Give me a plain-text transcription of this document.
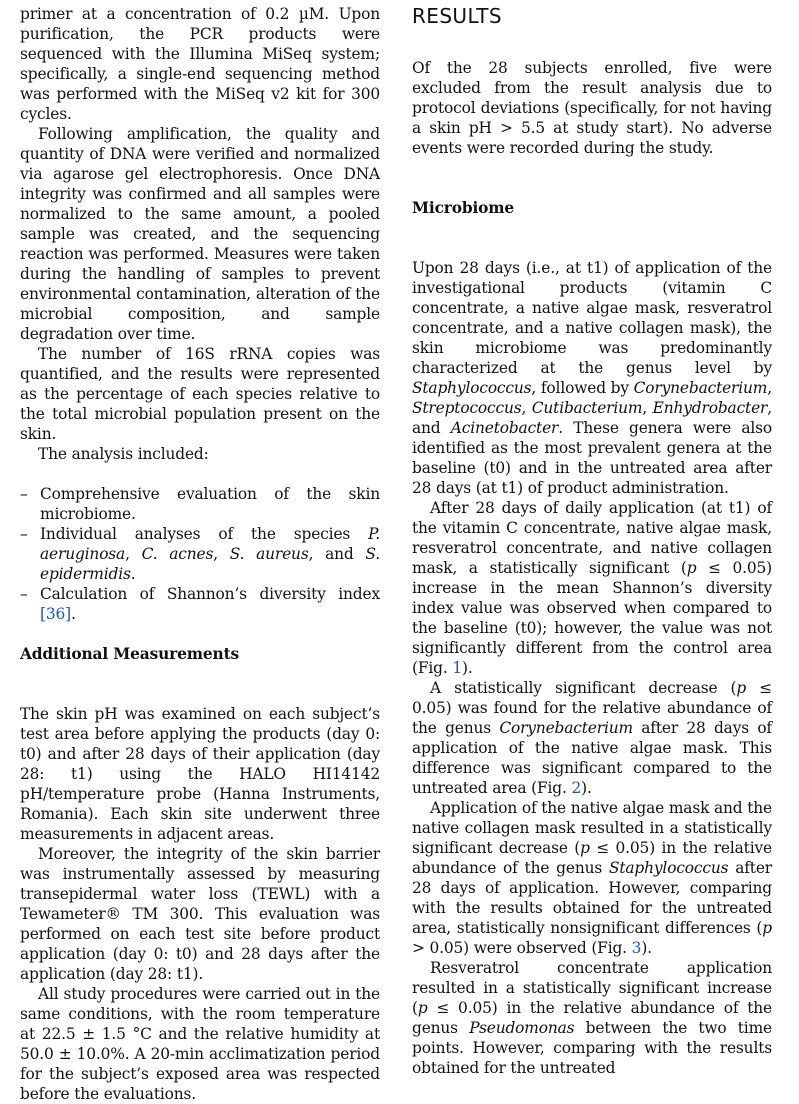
primer at a concentration of 0.2 µM. Upon purification, the PCR products were sequenced with the Illumina MiSeq system; specifically, a single-end sequencing method was performed with the MiSeq v2 kit for 300 cycles.

Following amplification, the quality and quantity of DNA were verified and normalized via agarose gel electrophoresis. Once DNA integrity was confirmed and all samples were normalized to the same amount, a pooled sample was created, and the sequencing reaction was performed. Measures were taken during the handling of samples to prevent environmental contamination, alteration of the microbial composition, and sample degradation over time.

The number of 16S rRNA copies was quantified, and the results were represented as the percentage of each species relative to the total microbial population present on the skin.

The analysis included:

– Comprehensive evaluation of the skin microbiome.
– Individual analyses of the species P. aeruginosa, C. acnes, S. aureus, and S. epidermidis.
– Calculation of Shannon’s diversity index [36].
Additional Measurements

The skin pH was examined on each subject’s test area before applying the products (day 0: t0) and after 28 days of their application (day 28: t1) using the HALO HI14142 pH/temperature probe (Hanna Instruments, Romania). Each skin site underwent three measurements in adjacent areas.

Moreover, the integrity of the skin barrier was instrumentally assessed by measuring transepidermal water loss (TEWL) with a Tewameter® TM 300. This evaluation was performed on each test site before product application (day 0: t0) and 28 days after the application (day 28: t1).

All study procedures were carried out in the same conditions, with the room temperature at 22.5 ± 1.5 °C and the relative humidity at 50.0 ± 10.0%. A 20-min acclimatization period for the subject’s exposed area was respected before the evaluations.

RESULTS

Of the 28 subjects enrolled, five were excluded from the result analysis due to protocol deviations (specifically, for not having a skin pH > 5.5 at study start). No adverse events were recorded during the study.

Microbiome

Upon 28 days (i.e., at t1) of application of the investigational products (vitamin C concentrate, a native algae mask, resveratrol concentrate, and a native collagen mask), the skin microbiome was predominantly characterized at the genus level by Staphylococcus, followed by Corynebacterium, Streptococcus, Cutibacterium, Enhydrobacter, and Acinetobacter. These genera were also identified as the most prevalent genera at the baseline (t0) and in the untreated area after 28 days (at t1) of product administration.

After 28 days of daily application (at t1) of the vitamin C concentrate, native algae mask, resveratrol concentrate, and native collagen mask, a statistically significant (p ≤ 0.05) increase in the mean Shannon’s diversity index value was observed when compared to the baseline (t0); however, the value was not significantly different from the control area (Fig. 1).

A statistically significant decrease (p ≤ 0.05) was found for the relative abundance of the genus Corynebacterium after 28 days of application of the native algae mask. This difference was significant compared to the untreated area (Fig. 2).

Application of the native algae mask and the native collagen mask resulted in a statistically significant decrease (p ≤ 0.05) in the relative abundance of the genus Staphylococcus after 28 days of application. However, comparing with the results obtained for the untreated area, statistically nonsignificant differences (p > 0.05) were observed (Fig. 3).

Resveratrol concentrate application resulted in a statistically significant increase (p ≤ 0.05) in the relative abundance of the genus Pseudomonas between the two time points. However, comparing with the results obtained for the untreated
